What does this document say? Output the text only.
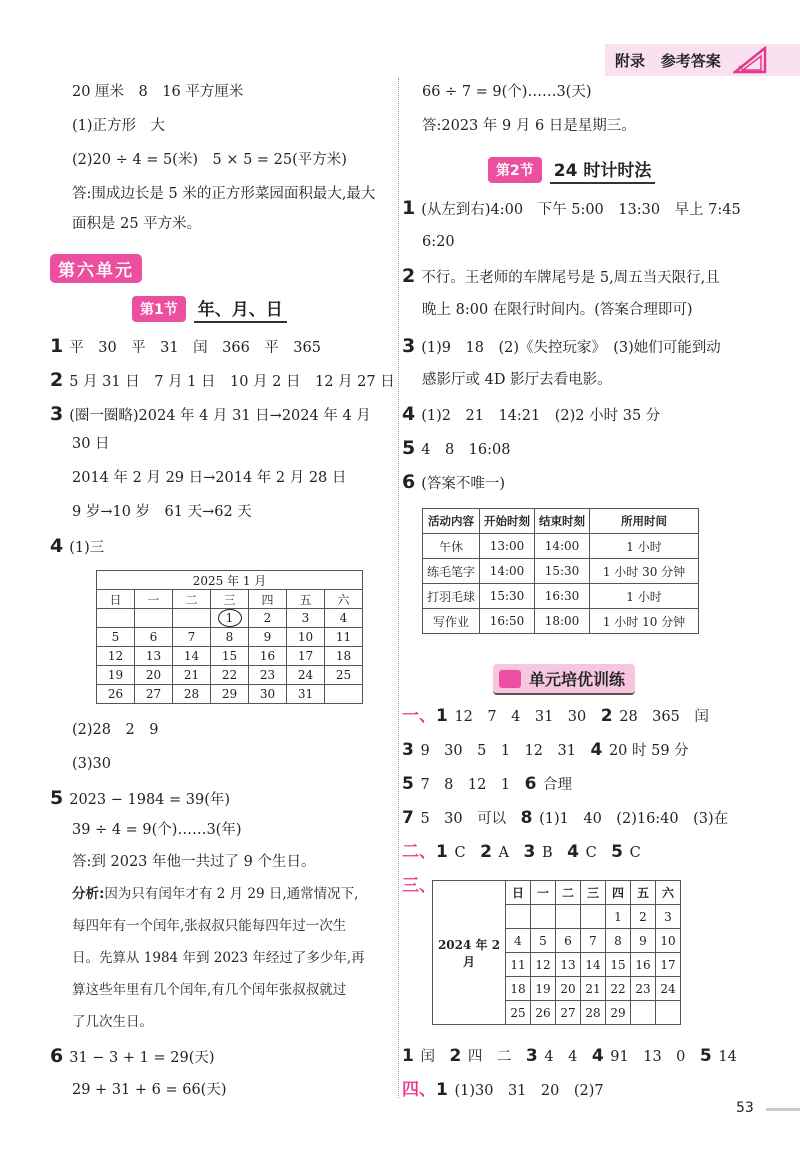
附录 参考答案
20 厘米　8　16 平方厘米
(1)正方形　大
(2)20 ÷ 4 = 5(米)　5 × 5 = 25(平方米)
答:围成边长是 5 米的正方形菜园面积最大,最大
面积是 25 平方米。
第六单元
第1节	年、月、日
1 平　30　平　31　闰　366　平　365
2 5 月 31 日　7 月 1 日　10 月 2 日　12 月 27 日
3 (圈一圈略)2024 年 4 月 31 日→2024 年 4 月
30 日
2014 年 2 月 29 日→2014 年 2 月 28 日
9 岁→10 岁　61 天→62 天
4 (1)三
2025 年 1 月						
日	一	二	三	四	五	六
			1	2	3	4
5	6	7	8	9	10	11
12	13	14	15	16	17	18
19	20	21	22	23	24	25
26	27	28	29	30	31	
(2)28　2　9
(3)30
5 2023 − 1984 = 39(年)
39 ÷ 4 = 9(个)……3(年)
答:到 2023 年他一共过了 9 个生日。
分析:因为只有闰年才有 2 月 29 日,通常情况下,
每四年有一个闰年,张叔叔只能每四年过一次生
日。先算从 1984 年到 2023 年经过了多少年,再
算这些年里有几个闰年,有几个闰年张叔叔就过
了几次生日。
6 31 − 3 + 1 = 29(天)
29 + 31 + 6 = 66(天)
66 ÷ 7 = 9(个)……3(天)
答:2023 年 9 月 6 日是星期三。
第2节	24 时计时法
1 (从左到右)4:00　下午 5:00　13:30　早上 7:45
6:20
2 不行。王老师的车牌尾号是 5,周五当天限行,且
晚上 8:00 在限行时间内。(答案合理即可)
3 (1)9　18　(2)《失控玩家》　(3)她们可能到动
感影厅或 4D 影厅去看电影。
4 (1)2　21　14:21　(2)2 小时 35 分
5 4　8　16:08
6 (答案不唯一)
活动内容	开始时刻	结束时刻	所用时间
午休	13:00	14:00	1 小时
练毛笔字	14:00	15:30	1 小时 30 分钟
打羽毛球	15:30	16:30	1 小时
写作业	16:50	18:00	1 小时 10 分钟
单元培优训练
一、1 12　7　4　31　30　 2 28　365　闰
3 9　30　5　1　12　31　 4 20 时 59 分
5 7　8　12　1　 6 合理
7 5　30　可以　 8 (1)1　40　(2)16:40　(3)在
二、1 C　 2 A　 3 B　 4 C　 5 C
三、
2024 年 2 月	日	一	二	三	四	五	六
					1	2	3
	4	5	6	7	8	9	10
	11	12	13	14	15	16	17
	18	19	20	21	22	23	24
	25	26	27	28	29		
1 闰　 2 四　二　 3 4　4　 4 91　13　0　 5 14
四、1 (1)30　31　20　(2)7
53
